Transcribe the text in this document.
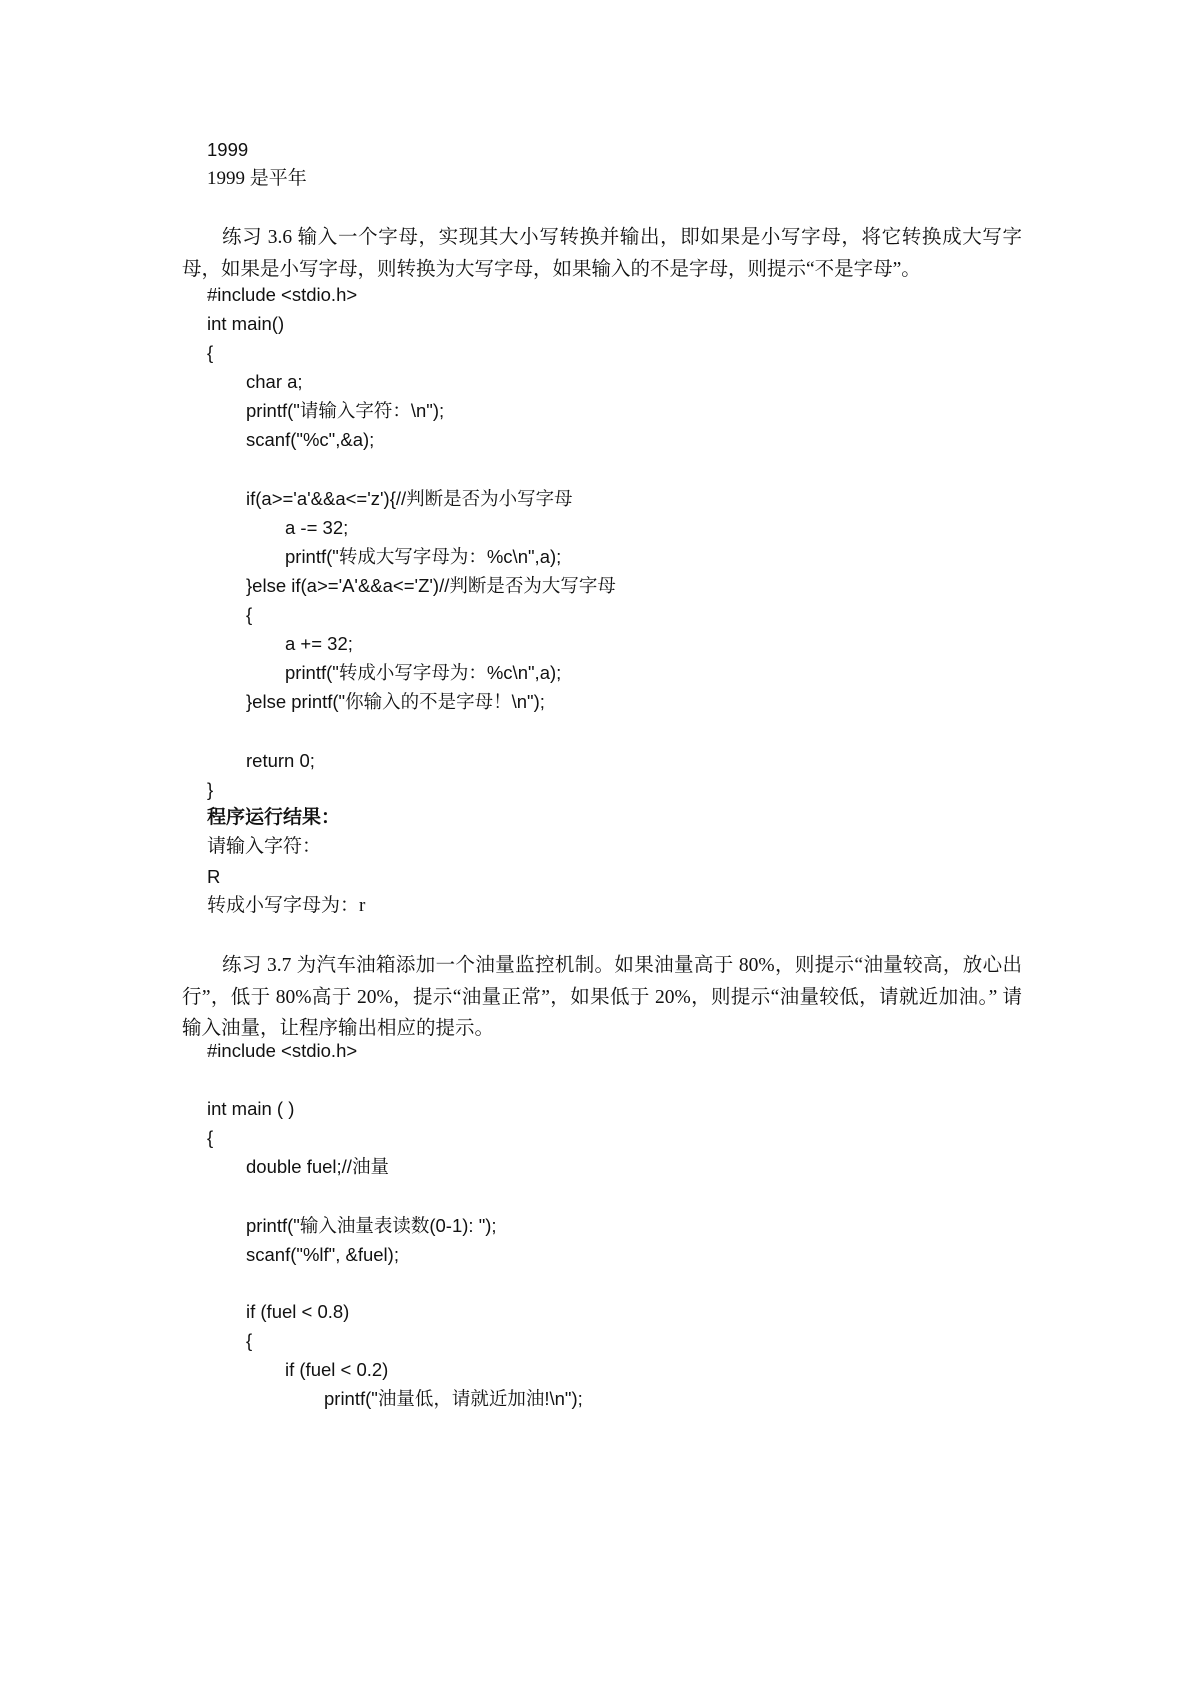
1999
1999 是平年
练习 3.6 输入一个字母，实现其大小写转换并输出，即如果是小写字母，将它转换成大写字母，如果是小写字母，则转换为大写字母，如果输入的不是字母，则提示“不是字母”。
#include <stdio.h>
int main()
{
char a;
printf("请输入字符：\n");
scanf("%c",&a);
if(a>='a'&&a<='z'){//判断是否为小写字母
a -= 32;
printf("转成大写字母为：%c\n",a);
}else if(a>='A'&&a<='Z')//判断是否为大写字母
{
a += 32;
printf("转成小写字母为：%c\n",a);
}else printf("你输入的不是字母！\n");
return 0;
}
程序运行结果：
请输入字符：
R
转成小写字母为：r
练习 3.7 为汽车油箱添加一个油量监控机制。如果油量高于 80%，则提示“油量较高，放心出行”，低于 80%高于 20%，提示“油量正常”，如果低于 20%，则提示“油量较低，请就近加油。” 请输入油量，让程序输出相应的提示。
#include <stdio.h>
int main ( )
{
double fuel;//油量
printf("输入油量表读数(0-1): ");
scanf("%lf", &fuel);
if (fuel < 0.8)
{
if (fuel < 0.2)
printf("油量低，请就近加油!\n");
